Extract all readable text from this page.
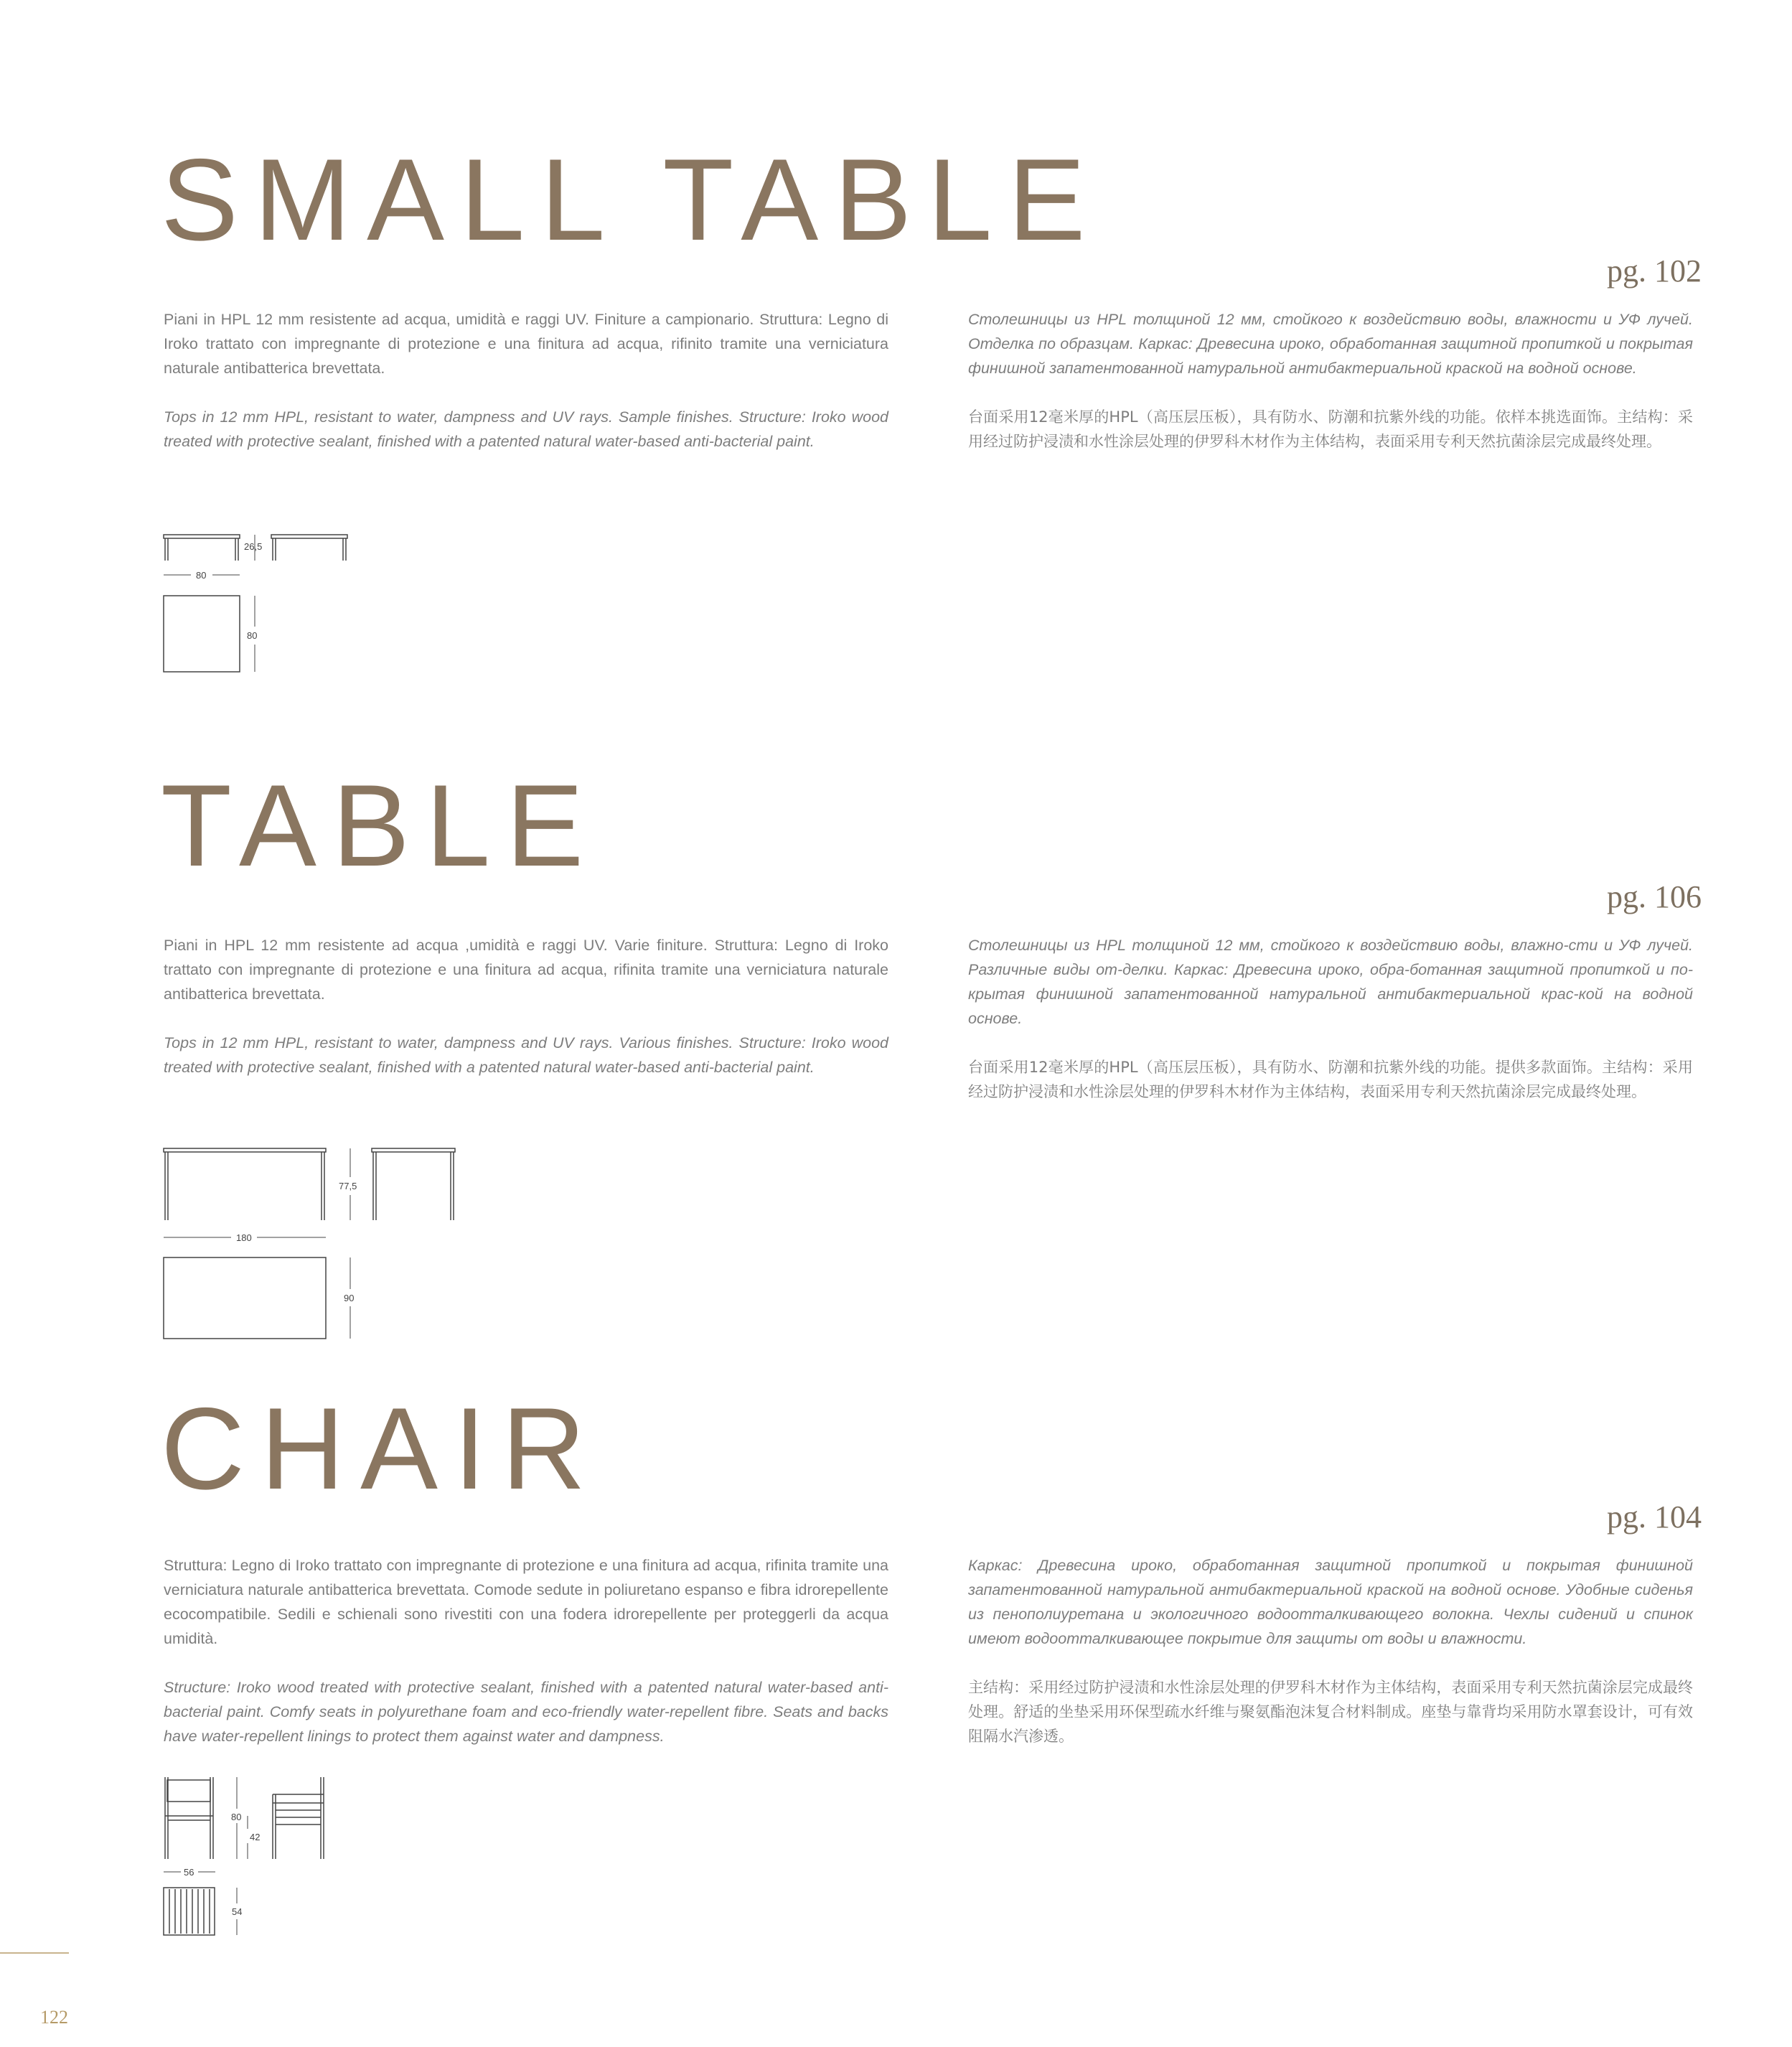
SMALL TABLE
pg. 102

Piani in HPL 12 mm resistente ad acqua, umidità e raggi UV. Finiture a campionario. Struttura: Legno di Iroko trattato con impregnante di protezione e una finitura ad acqua, rifinito tramite una verniciatura naturale antibatterica brevettata.

Tops in 12 mm HPL, resistant to water, dampness and UV rays. Sample finishes. Structure: Iroko wood treated with protective sealant, finished with a patented natural water-based anti-bacterial paint.

Столешницы из HPL толщиной 12 мм, стойкого к воздействию воды, влажности и УФ лучей. Отделка по образцам. Каркас: Древесина ироко, обработанная защитной пропиткой и покрытая финишной запатентованной натуральной антибактериальной краской на водной основе.

台面采用12毫米厚的HPL（高压层压板），具有防水、防潮和抗紫外线的功能。依样本挑选面饰。主结构：采用经过防护浸渍和水性涂层处理的伊罗科木材作为主体结构，表面采用专利天然抗菌涂层完成最终处理。

26,5
80
80
TABLE
pg. 106

Piani in HPL 12 mm resistente ad acqua ,umidità e raggi UV. Varie finiture. Struttura: Legno di Iroko trattato con impregnante di protezione e una finitura ad acqua, rifinita tramite una verniciatura naturale antibatterica brevettata.

Tops in 12 mm HPL, resistant to water, dampness and UV rays. Various finishes. Structure: Iroko wood treated with protective sealant, finished with a patented natural water-based anti-bacterial paint.

Столешницы из HPL толщиной 12 мм, стойкого к воздействию воды, влажно-сти и УФ лучей. Различные виды от-делки. Каркас: Древесина ироко, обра-ботанная защитной пропиткой и по-крытая финишной запатентованной натуральной антибактериальной крас-кой на водной основе.

台面采用12毫米厚的HPL（高压层压板），具有防水、防潮和抗紫外线的功能。提供多款面饰。主结构：采用经过防护浸渍和水性涂层处理的伊罗科木材作为主体结构，表面采用专利天然抗菌涂层完成最终处理。

77,5
180
90
CHAIR
pg. 104

Struttura: Legno di Iroko trattato con impregnante di protezione e una finitura ad acqua, rifinita tramite una verniciatura naturale antibatterica brevettata. Comode sedute in poliuretano espanso e fibra idrorepellente ecocompatibile. Sedili e schienali sono rivestiti con una fodera idrorepellente per proteggerli da acqua umidità.

Structure: Iroko wood treated with protective sealant, finished with a patented natural water-based anti-bacterial paint. Comfy seats in polyurethane foam and eco-friendly water-repellent fibre. Seats and backs have water-repellent linings to protect them against water and dampness.

Каркас: Древесина ироко, обработанная защитной пропиткой и покрытая финишной запатентованной натуральной антибактериальной краской на водной основе. Удобные сиденья из пенополиуретана и экологичного водоотталкивающего волокна. Чехлы сидений и спинок имеют водоотталкивающее покрытие для защиты от воды и влажности.

主结构：采用经过防护浸渍和水性涂层处理的伊罗科木材作为主体结构，表面采用专利天然抗菌涂层完成最终处理。舒适的坐垫采用环保型疏水纤维与聚氨酯泡沫复合材料制成。座垫与靠背均采用防水罩套设计，可有效阻隔水汽渗透。

80
42
56
54
122
